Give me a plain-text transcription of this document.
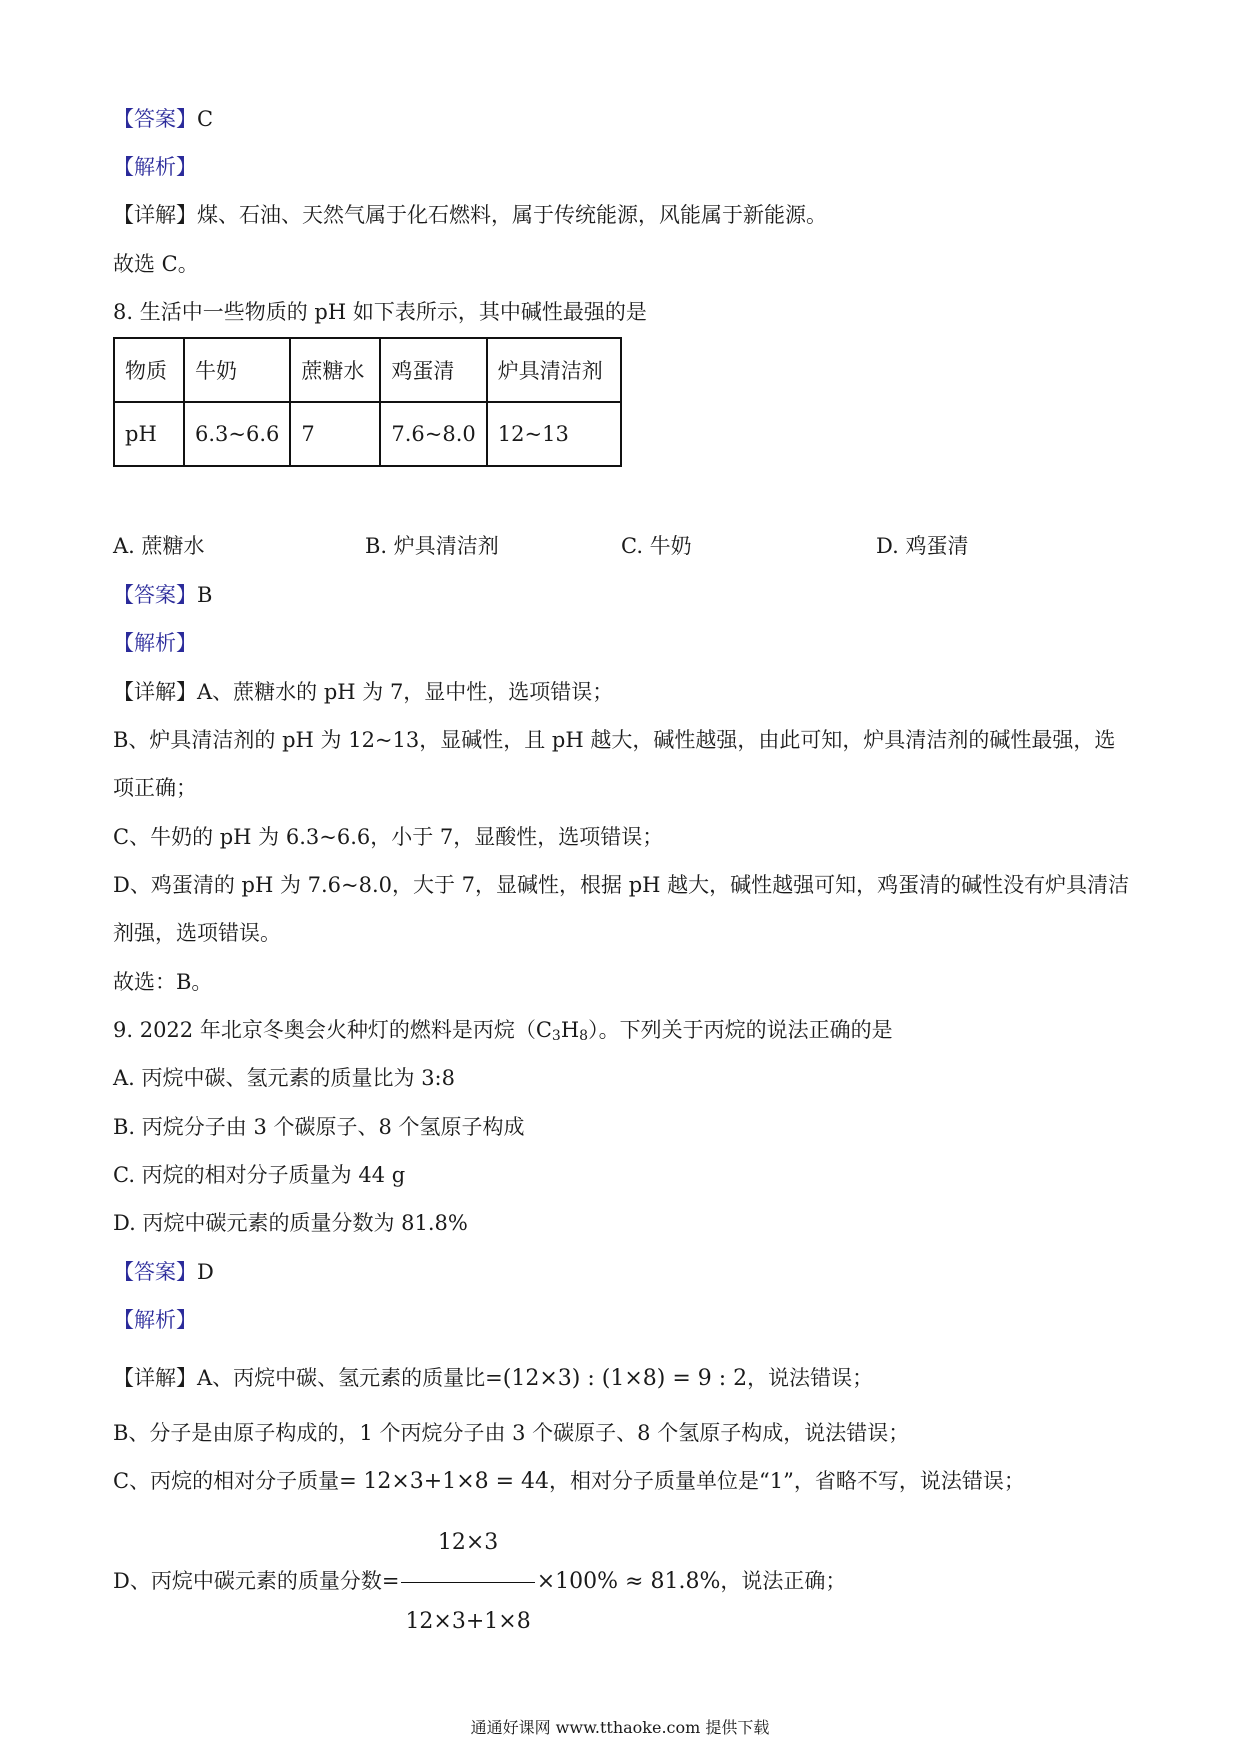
【答案】C
【解析】
【详解】煤、石油、天然气属于化石燃料，属于传统能源，风能属于新能源。
故选 C。
8. 生活中一些物质的 pH 如下表所示，其中碱性最强的是
物质	牛奶	蔗糖水	鸡蛋清	炉具清洁剂
pH	6.3~6.6	7	7.6~8.0	12~13
A. 蔗糖水	B. 炉具清洁剂	C. 牛奶	D. 鸡蛋清
【答案】B
【解析】
【详解】A、蔗糖水的 pH 为 7，显中性，选项错误；
B、炉具清洁剂的 pH 为 12~13，显碱性，且 pH 越大，碱性越强，由此可知，炉具清洁剂的碱性最强，选
项正确；
C、牛奶的 pH 为 6.3~6.6，小于 7，显酸性，选项错误；
D、鸡蛋清的 pH 为 7.6~8.0，大于 7，显碱性，根据 pH 越大，碱性越强可知，鸡蛋清的碱性没有炉具清洁
剂强，选项错误。
故选：B。
9. 2022 年北京冬奥会火种灯的燃料是丙烷$(C_3H_8)$。下列关于丙烷的说法正确的是
A. 丙烷中碳、氢元素的质量比为 3:8
B. 丙烷分子由 3 个碳原子、8 个氢原子构成
C. 丙烷的相对分子质量为 44 g
D. 丙烷中碳元素的质量分数为 81.8%
【答案】D
【解析】
【详解】A、丙烷中碳、氢元素的质量比=(12×3) : (1×8) = 9 : 2，说法错误；
B、分子是由原子构成的，1 个丙烷分子由 3 个碳原子、8 个氢原子构成，说法错误；
C、丙烷的相对分子质量= 12×3+1×8 = 44，相对分子质量单位是“1”，省略不写，说法错误；
D、丙烷中碳元素的质量分数= $\frac{12\times 3}{12\times 3+1\times 8} \times 100\% \approx 81.8\%$，说法正确；
通通好课网 www.tthaoke.com 提供下载
